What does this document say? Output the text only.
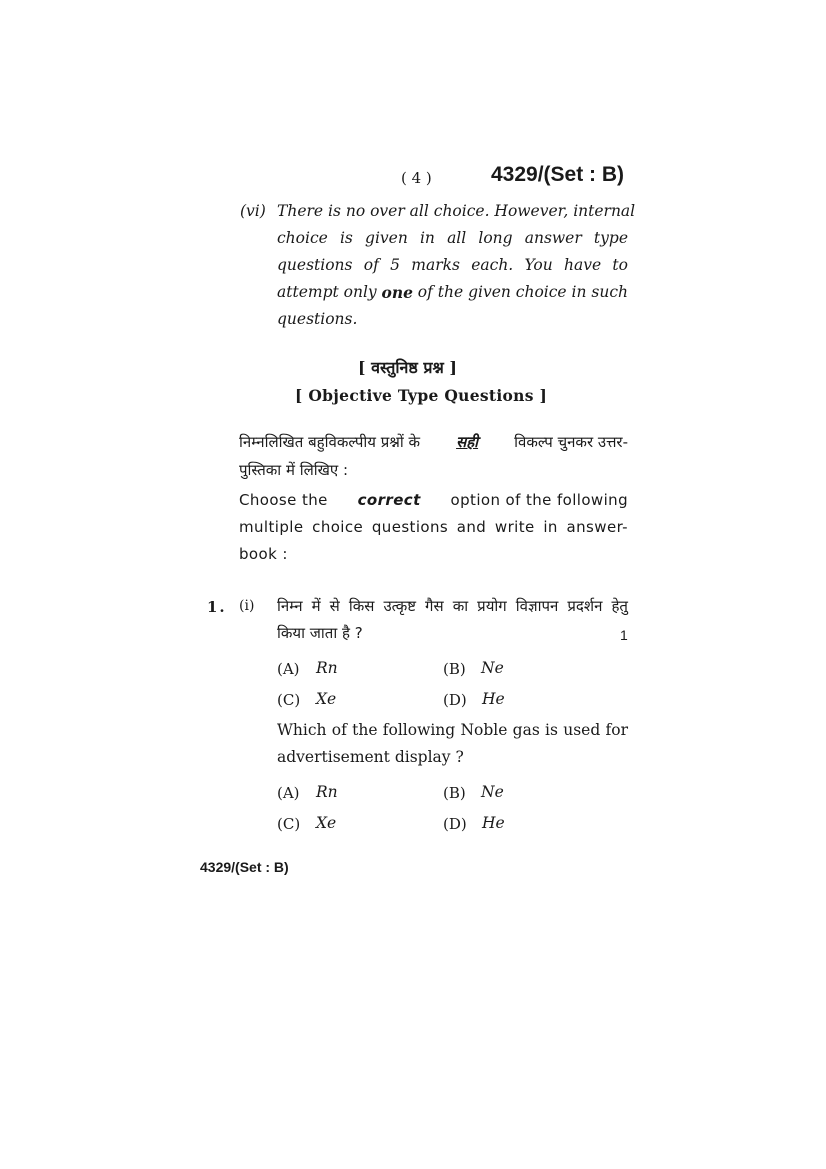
( 4 )	4329/(Set : B)
(vi) There is no over all choice. However, internal
choice is given in all long answer type
questions of 5 marks each. You have to
attempt only one of the given choice in such
questions.
[ वस्तुनिष्ठ प्रश्न ]
[ Objective Type Questions ]
निम्नलिखित बहुविकल्पीय प्रश्नों के सही विकल्प चुनकर उत्तर-
पुस्तिका में लिखिए :
Choose the correct option of the following
multiple choice questions and write in answer-
book :
1. (i) निम्न में से किस उत्कृष्ट गैस का प्रयोग विज्ञापन प्रदर्शन हेतु
किया जाता है ?	1
(A) Rn	(B) Ne
(C) Xe	(D) He
Which of the following Noble gas is used for
advertisement display ?
(A) Rn	(B) Ne
(C) Xe	(D) He
4329/(Set : B)
